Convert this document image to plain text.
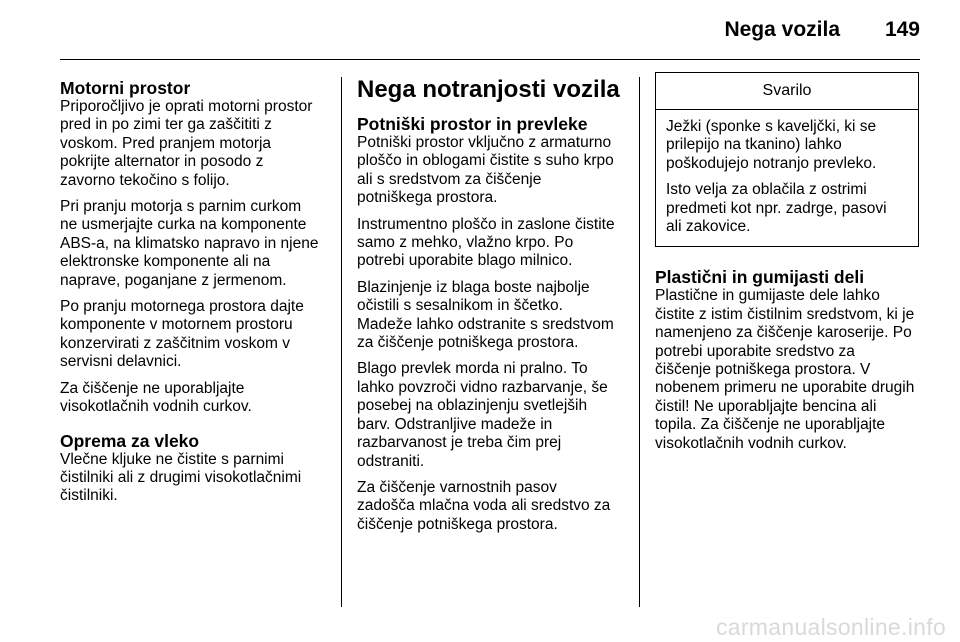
Nega vozila 149
Motorni prostor

Priporočljivo je oprati motorni prostor
pred in po zimi ter ga zaščititi z
voskom. Pred pranjem motorja
pokrijte alternator in posodo z
zavorno tekočino s folijo.

Pri pranju motorja s parnim curkom
ne usmerjajte curka na komponente
ABS-a, na klimatsko napravo in njene
elektronske komponente ali na
naprave, poganjane z jermenom.

Po pranju motornega prostora dajte
komponente v motornem prostoru
konzervirati z zaščitnim voskom v
servisni delavnici.

Za čiščenje ne uporabljajte
visokotlačnih vodnih curkov.

Oprema za vleko

Vlečne kljuke ne čistite s parnimi
čistilniki ali z drugimi visokotlačnimi
čistilniki.

Nega notranjosti vozila
Potniški prostor in prevleke

Potniški prostor vključno z armaturno
ploščo in oblogami čistite s suho krpo
ali s sredstvom za čiščenje
potniškega prostora.

Instrumentno ploščo in zaslone čistite
samo z mehko, vlažno krpo. Po
potrebi uporabite blago milnico.

Blazinjenje iz blaga boste najbolje
očistili s sesalnikom in ščetko.
Madeže lahko odstranite s sredstvom
za čiščenje potniškega prostora.

Blago prevlek morda ni pralno. To
lahko povzroči vidno razbarvanje, še
posebej na oblazinjenju svetlejših
barv. Odstranljive madeže in
razbarvanost je treba čim prej
odstraniti.

Za čiščenje varnostnih pasov
zadošča mlačna voda ali sredstvo za
čiščenje potniškega prostora.

Svarilo

Ježki (sponke s kaveljčki, ki se
prilepijo na tkanino) lahko
poškodujejo notranjo prevleko.

Isto velja za oblačila z ostrimi
predmeti kot npr. zadrge, pasovi
ali zakovice.

Plastični in gumijasti deli

Plastične in gumijaste dele lahko
čistite z istim čistilnim sredstvom, ki je
namenjeno za čiščenje karoserije. Po
potrebi uporabite sredstvo za
čiščenje potniškega prostora. V
nobenem primeru ne uporabite drugih
čistil! Ne uporabljajte bencina ali
topila. Za čiščenje ne uporabljajte
visokotlačnih vodnih curkov.

carmanualsonline.info
